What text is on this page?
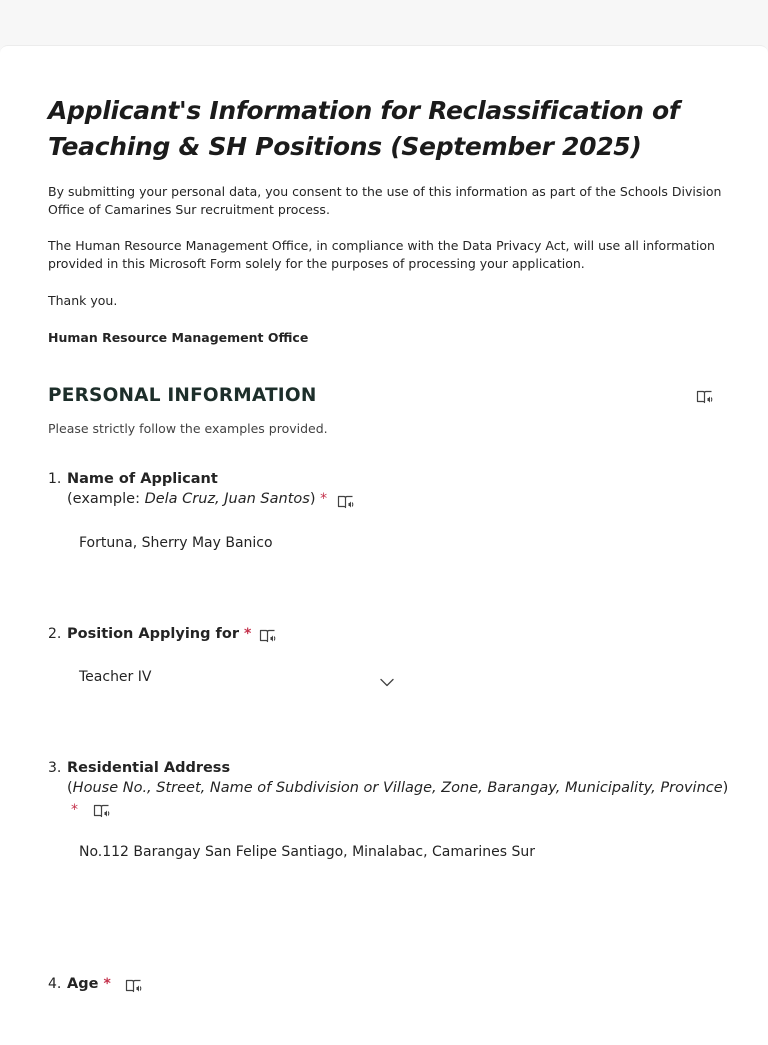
Applicant's Information for Reclassification of Teaching & SH Positions (September 2025)

By submitting your personal data, you consent to the use of this information as part of the Schools Division Office of Camarines Sur recruitment process.

The Human Resource Management Office, in compliance with the Data Privacy Act, will use all information provided in this Microsoft Form solely for the purposes of processing your application.

Thank you.

Human Resource Management Office

PERSONAL INFORMATION

Please strictly follow the examples provided.

1. Name of Applicant
(example: Dela Cruz, Juan Santos) *
Fortuna, Sherry May Banico
2. Position Applying for *
Teacher IV
3. Residential Address
(House No., Street, Name of Subdivision or Village, Zone, Barangay, Municipality, Province)
*
No.112 Barangay San Felipe Santiago, Minalabac, Camarines Sur
4. Age *
